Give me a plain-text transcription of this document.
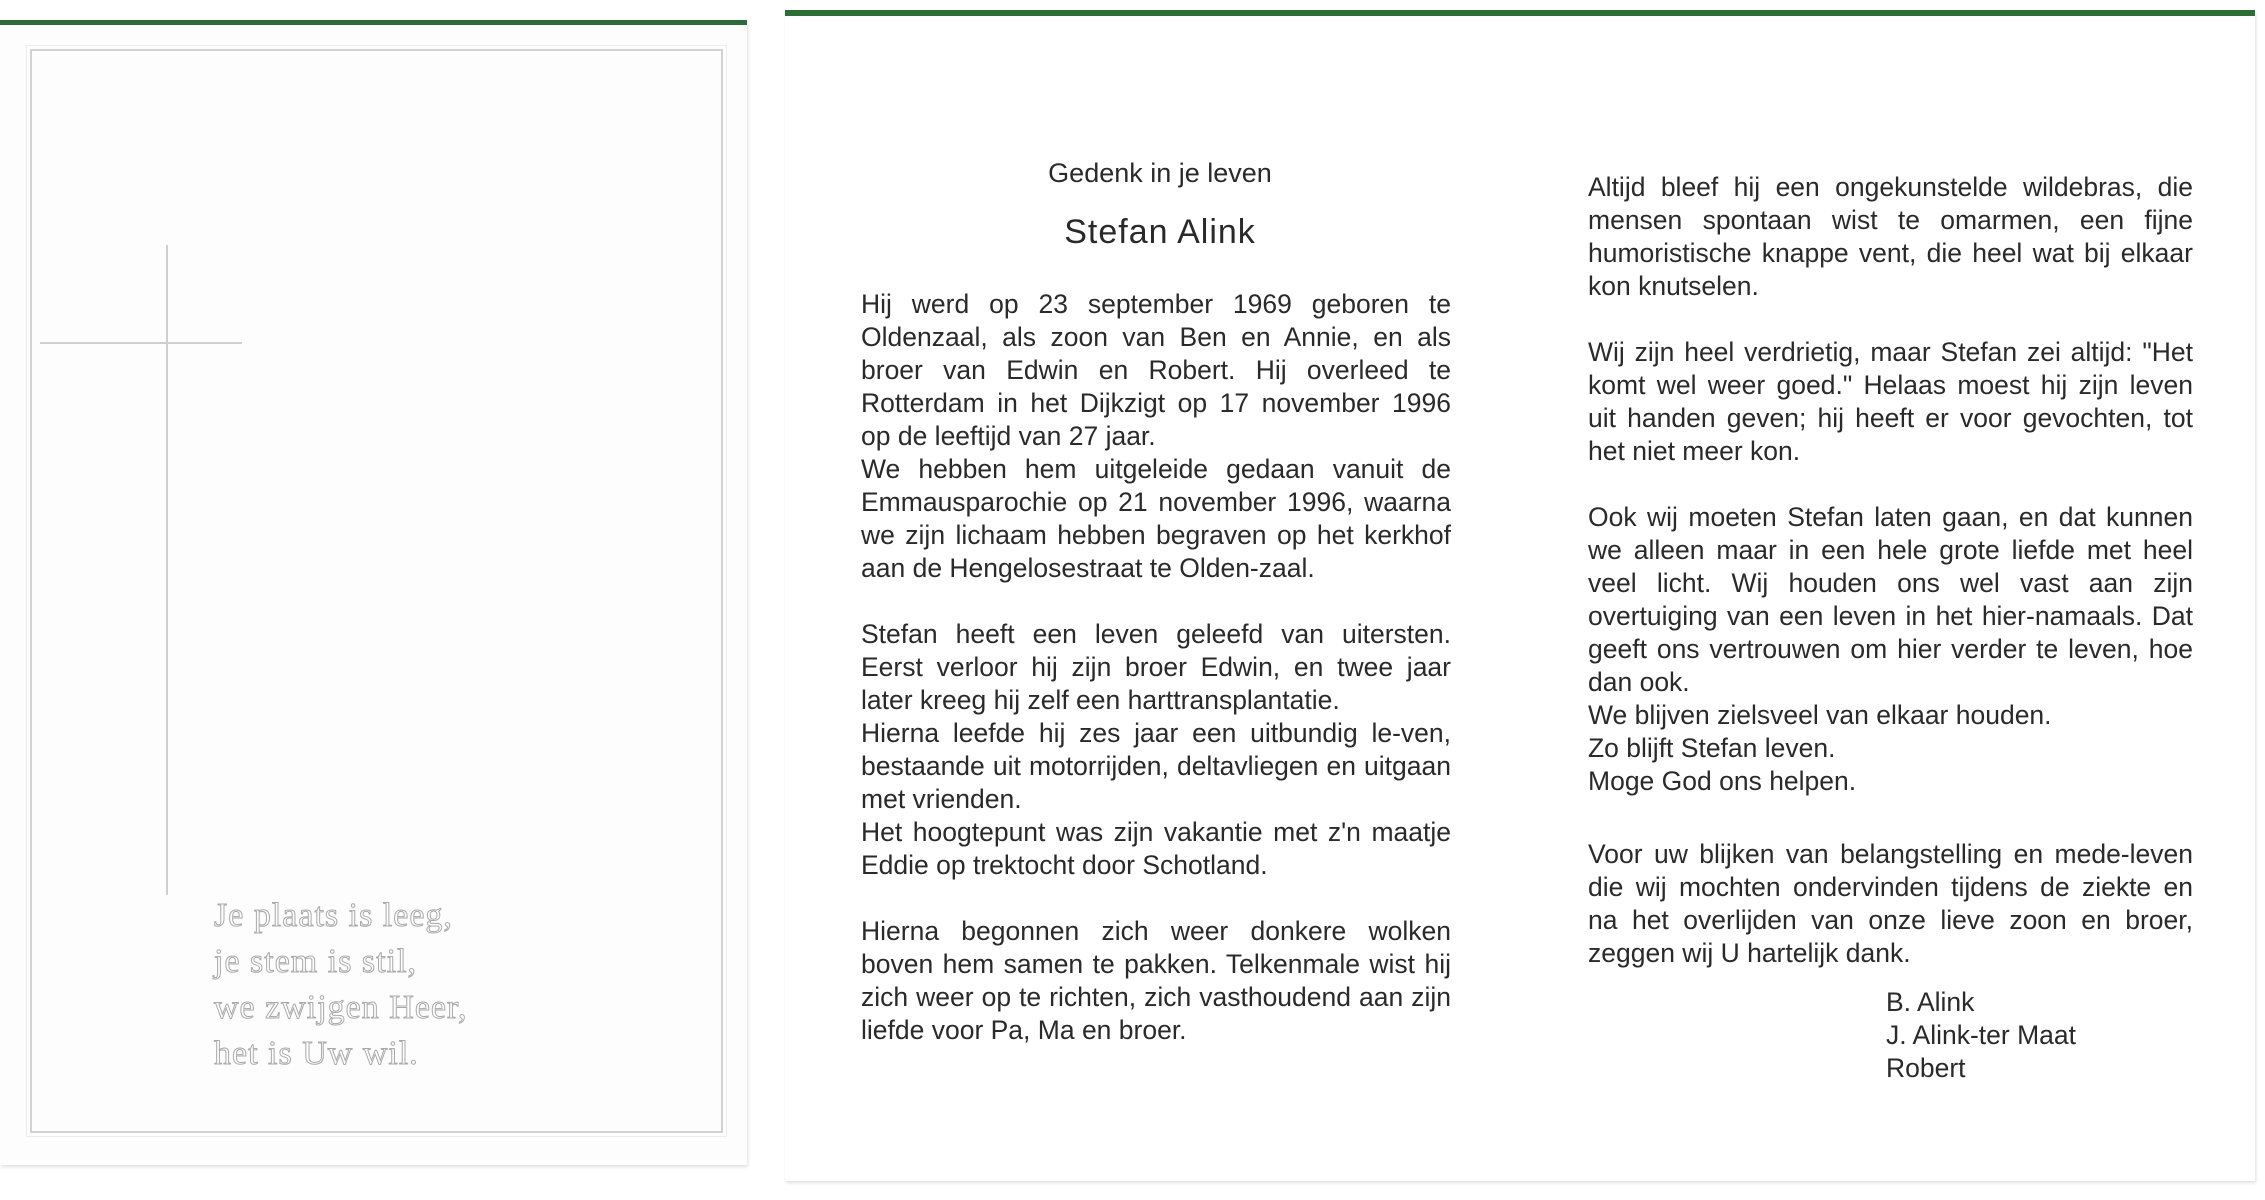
Je plaats is leeg,
je stem is stil,
we zwijgen Heer,
het is Uw wil.
Gedenk in je leven
Stefan Alink

Hij werd op 23 september 1969 geboren te Oldenzaal, als zoon van Ben en Annie, en als broer van Edwin en Robert. Hij overleed te Rotterdam in het Dijkzigt op 17 november 1996 op de leeftijd van 27 jaar.

We hebben hem uitgeleide gedaan vanuit de Emmausparochie op 21 november 1996, waarna we zijn lichaam hebben begraven op het kerkhof aan de Hengelosestraat te Olden-zaal.

Stefan heeft een leven geleefd van uitersten. Eerst verloor hij zijn broer Edwin, en twee jaar later kreeg hij zelf een harttransplantatie.

Hierna leefde hij zes jaar een uitbundig le-ven, bestaande uit motorrijden, deltavliegen en uitgaan met vrienden.

Het hoogtepunt was zijn vakantie met z'n maatje Eddie op trektocht door Schotland.

Hierna begonnen zich weer donkere wolken boven hem samen te pakken. Telkenmale wist hij zich weer op te richten, zich vasthoudend aan zijn liefde voor Pa, Ma en broer.

Altijd bleef hij een ongekunstelde wildebras, die mensen spontaan wist te omarmen, een fijne humoristische knappe vent, die heel wat bij elkaar kon knutselen.

Wij zijn heel verdrietig, maar Stefan zei altijd: "Het komt wel weer goed." Helaas moest hij zijn leven uit handen geven; hij heeft er voor gevochten, tot het niet meer kon.

Ook wij moeten Stefan laten gaan, en dat kunnen we alleen maar in een hele grote liefde met heel veel licht. Wij houden ons wel vast aan zijn overtuiging van een leven in het hier-namaals. Dat geeft ons vertrouwen om hier verder te leven, hoe dan ook.

We blijven zielsveel van elkaar houden.

Zo blijft Stefan leven.

Moge God ons helpen.

Voor uw blijken van belangstelling en mede-leven die wij mochten ondervinden tijdens de ziekte en na het overlijden van onze lieve zoon en broer, zeggen wij U hartelijk dank.

B. Alink
J. Alink-ter Maat
Robert
